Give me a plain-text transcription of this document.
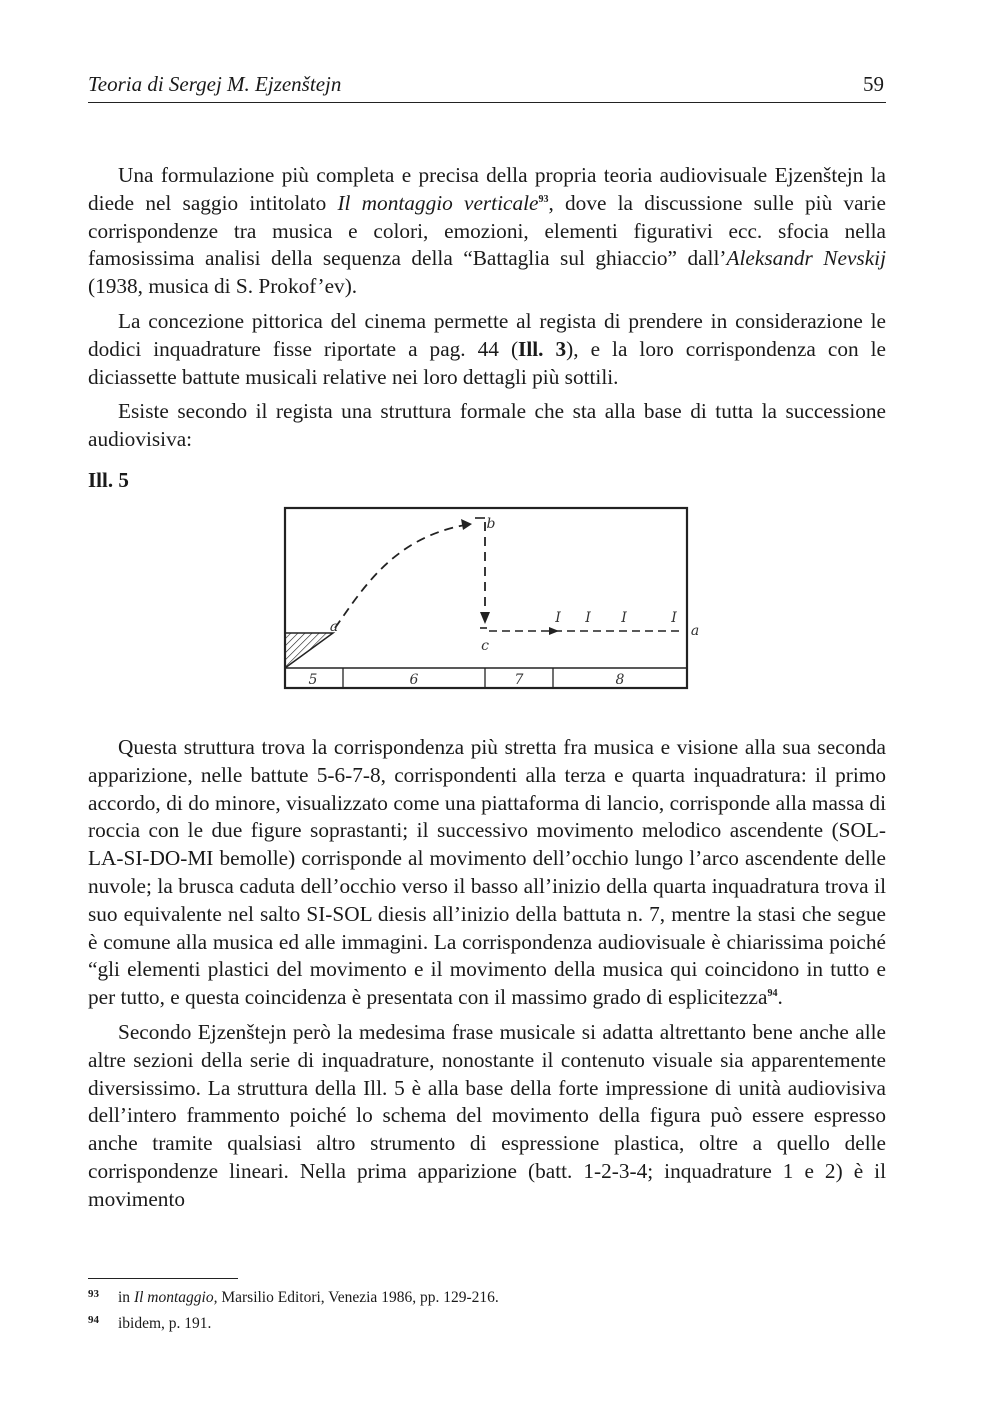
Teoria di Sergej M. Ejzenštejn	59

Una formulazione più completa e precisa della propria teoria audiovisuale Ejzenštejn la diede nel saggio intitolato Il montaggio verticale$^{93}$, dove la discussione sulle più varie corrispondenze tra musica e colori, emozioni, elementi figurativi ecc. sfocia nella famosissima analisi della sequenza della “Battaglia sul ghiaccio” dall’Aleksandr Nevskij (1938, musica di S. Prokof’ev).

La concezione pittorica del cinema permette al regista di prendere in considerazione le dodici inquadrature fisse riportate a pag. 44 (Ill. 3), e la loro corrispondenza con le diciassette battute musicali relative nei loro dettagli più sottili.

Esiste secondo il regista una struttura formale che sta alla base di tutta la successione audiovisiva:

Ill. 5
a
b
c
a
I I I	I
5	6	7	8

Questa struttura trova la corrispondenza più stretta fra musica e visione alla sua seconda apparizione, nelle battute 5-6-7-8, corrispondenti alla terza e quarta inquadratura: il primo accordo, di do minore, visualizzato come una piattaforma di lancio, corrisponde alla massa di roccia con le due figure soprastanti; il successivo movimento melodico ascendente (SOL-LA-SI-DO-MI bemolle) corrisponde al movimento dell’occhio lungo l’arco ascendente delle nuvole; la brusca caduta dell’occhio verso il basso all’inizio della quarta inquadratura trova il suo equivalente nel salto SI-SOL diesis all’inizio della battuta n. 7, mentre la stasi che segue è comune alla musica ed alle immagini. La corrispondenza audiovisuale è chiarissima poiché “gli elementi plastici del movimento e il movimento della musica qui coincidono in tutto e per tutto, e questa coincidenza è presentata con il massimo grado di esplicitezza$^{94}$.

Secondo Ejzenštejn però la medesima frase musicale si adatta altrettanto bene anche alle altre sezioni della serie di inquadrature, nonostante il contenuto visuale sia apparentemente diversissimo. La struttura della Ill. 5 è alla base della forte impressione di unità audiovisiva dell’intero frammento poiché lo schema del movimento della figura può essere espresso anche tramite qualsiasi altro strumento di espressione plastica, oltre a quello delle corrispondenze lineari. Nella prima apparizione (batt. 1-2-3-4; inquadrature 1 e 2) è il movimento

93 in Il montaggio, Marsilio Editori, Venezia 1986, pp. 129-216.
94 ibidem, p. 191.
